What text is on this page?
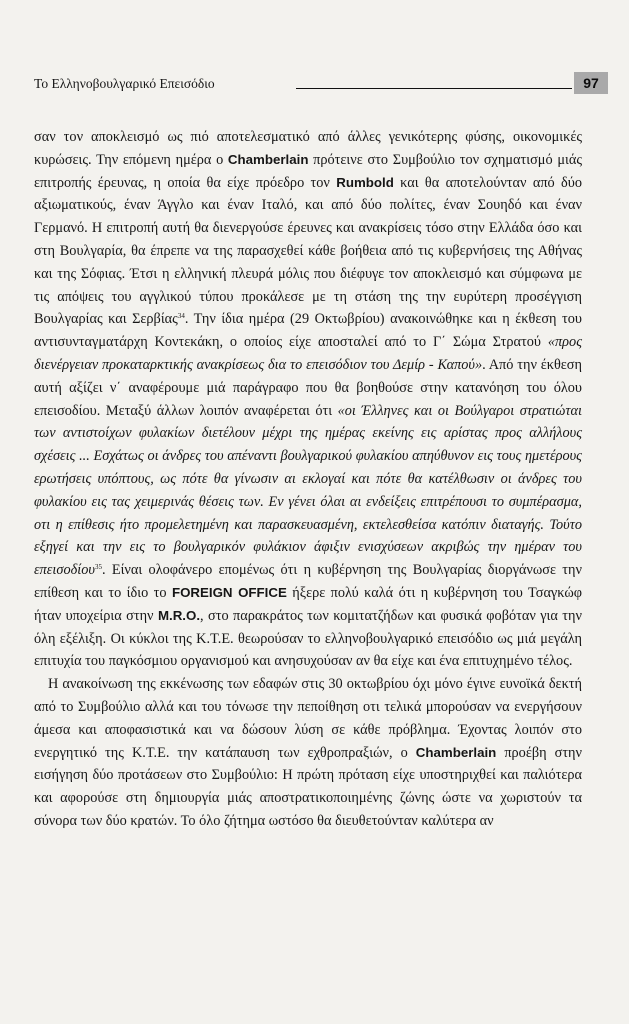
Το Ελληνοβουλγαρικό Επεισόδιο	97

σαν τον αποκλεισμό ως πιό αποτελεσματικό από άλλες γενικότερης φύσης, οικονομικές κυρώσεις. Την επόμενη ημέρα ο Chamberlain πρότεινε στο Συμβούλιο τον σχηματισμό μιάς επιτροπής έρευνας, η οποία θα είχε πρόεδρο τον Rumbold και θα αποτελούνταν από δύο αξιωματικούς, έναν Άγγλο και έναν Ιταλό, και από δύο πολίτες, έναν Σουηδό και έναν Γερμανό. Η επιτροπή αυτή θα διενεργούσε έρευνες και ανακρίσεις τόσο στην Ελλάδα όσο και στη Βουλγαρία, θα έπρεπε να της παρασχεθεί κάθε βοήθεια από τις κυβερνήσεις της Αθήνας και της Σόφιας. Έτσι η ελληνική πλευρά μόλις που διέφυγε τον αποκλεισμό και σύμφωνα με τις απόψεις του αγγλικού τύπου προκάλεσε με τη στάση της την ευρύτερη προσέγγιση Βουλγαρίας και Σερβίας$^{34}$. Την ίδια ημέρα (29 Οκτωβρίου) ανακοινώθηκε και η έκθεση του αντισυνταγματάρχη Κοντεκάκη, ο οποίος είχε αποσταλεί από το Γ΄ Σώμα Στρατού «προς διενέργειαν προκαταρκτικής ανακρίσεως δια το επεισόδιον του Δεμίρ - Καπού». Από την έκθεση αυτή αξίζει ν΄ αναφέρουμε μιά παράγραφο που θα βοηθούσε στην κατανόηση του όλου επεισοδίου. Μεταξύ άλλων λοιπόν αναφέρεται ότι «οι Έλληνες και οι Βούλγαροι στρατιώται των αντιστοίχων φυλακίων διετέλουν μέχρι της ημέρας εκείνης εις αρίστας προς αλλήλους σχέσεις ... Εσχάτως οι άνδρες του απέναντι βουλγαρικού φυλακίου απηύθυνον εις τους ημετέρους ερωτήσεις υπόπτους, ως πότε θα γίνωσιν αι εκλογαί και πότε θα κατέλθωσιν οι άνδρες του φυλακίου εις τας χειμερινάς θέσεις των. Εν γένει όλαι αι ενδείξεις επιτρέπουσι το συμπέρασμα, οτι η επίθεσις ήτο προμελετημένη και παρασκευασμένη, εκτελεσθείσα κατόπιν διαταγής. Τούτο εξηγεί και την εις το βουλγαρικόν φυλάκιον άφιξιν ενισχύσεων ακριβώς την ημέραν του επεισοδίου$^{35}$. Είναι ολοφάνερο επομένως ότι η κυβέρνηση της Βουλγαρίας διοργάνωσε την επίθεση και το ίδιο το FOREIGN OFFICE ήξερε πολύ καλά ότι η κυβέρνηση του Τσαγκώφ ήταν υποχείρια στην M.R.O., στο παρακράτος των κομιτατζήδων και φυσικά φοβόταν για την όλη εξέλιξη. Οι κύκλοι της Κ.Τ.Ε. θεωρούσαν το ελληνοβουλγαρικό επεισόδιο ως μιά μεγάλη επιτυχία του παγκόσμιου οργανισμού και ανησυχούσαν αν θα είχε και ένα επιτυχημένο τέλος.

Η ανακοίνωση της εκκένωσης των εδαφών στις 30 οκτωβρίου όχι μόνο έγινε ευνοϊκά δεκτή από το Συμβούλιο αλλά και του τόνωσε την πεποίθηση οτι τελικά μπορούσαν να ενεργήσουν άμεσα και αποφασιστικά και να δώσουν λύση σε κάθε πρόβλημα. Έχοντας λοιπόν στο ενεργητικό της Κ.Τ.Ε. την κατάπαυση των εχθροπραξιών, ο Chamberlain προέβη στην εισήγηση δύο προτάσεων στο Συμβούλιο: Η πρώτη πρόταση είχε υποστηριχθεί και παλιότερα και αφορούσε στη δημιουργία μιάς αποστρατικοποιημένης ζώνης ώστε να χωριστούν τα σύνορα των δύο κρατών. Το όλο ζήτημα ωστόσο θα διευθετούνταν καλύτερα αν
